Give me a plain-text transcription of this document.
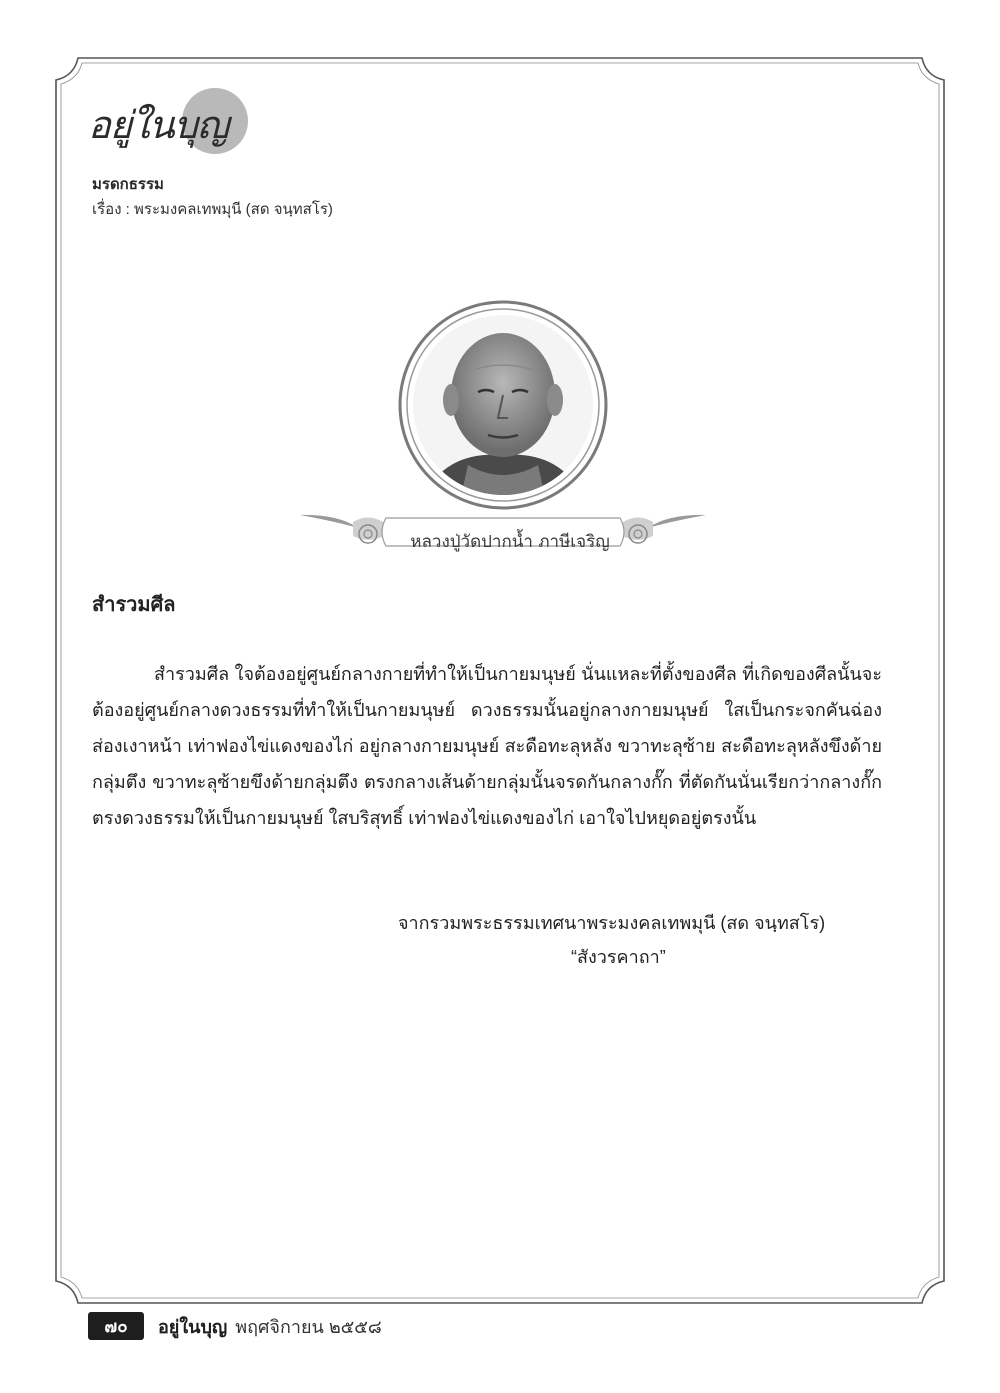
อยู่ในบุญ
มรดกธรรม
เรื่อง : พระมงคลเทพมุนี (สด จนฺทสโร)
หลวงปู่วัดปากน้ำ ภาษีเจริญ
สำรวมศีล
สำรวมศีล ใจต้องอยู่ศูนย์กลางกายที่ทำให้เป็นกายมนุษย์ นั่นแหละที่ตั้งของศีล ที่เกิดของศีลนั้นจะต้องอยู่ศูนย์กลางดวงธรรมที่ทำให้เป็นกายมนุษย์ ดวงธรรมนั้นอยู่กลางกายมนุษย์ ใสเป็นกระจกคันฉ่องส่องเงาหน้า เท่าฟองไข่แดงของไก่ อยู่กลางกายมนุษย์ สะดือทะลุหลัง ขวาทะลุซ้าย สะดือทะลุหลังขึงด้ายกลุ่มตึง ขวาทะลุซ้ายขึงด้ายกลุ่มตึง ตรงกลางเส้นด้ายกลุ่มนั้นจรดกันกลางกั๊ก ที่ตัดกันนั่นเรียกว่ากลางกั๊ก ตรงดวงธรรมให้เป็นกายมนุษย์ ใสบริสุทธิ์ เท่าฟองไข่แดงของไก่ เอาใจไปหยุดอยู่ตรงนั้น
จากรวมพระธรรมเทศนาพระมงคลเทพมุนี (สด จนฺทสโร)
“สังวรคาถา”
๗๐	อยู่ในบุญ พฤศจิกายน ๒๕๕๘
